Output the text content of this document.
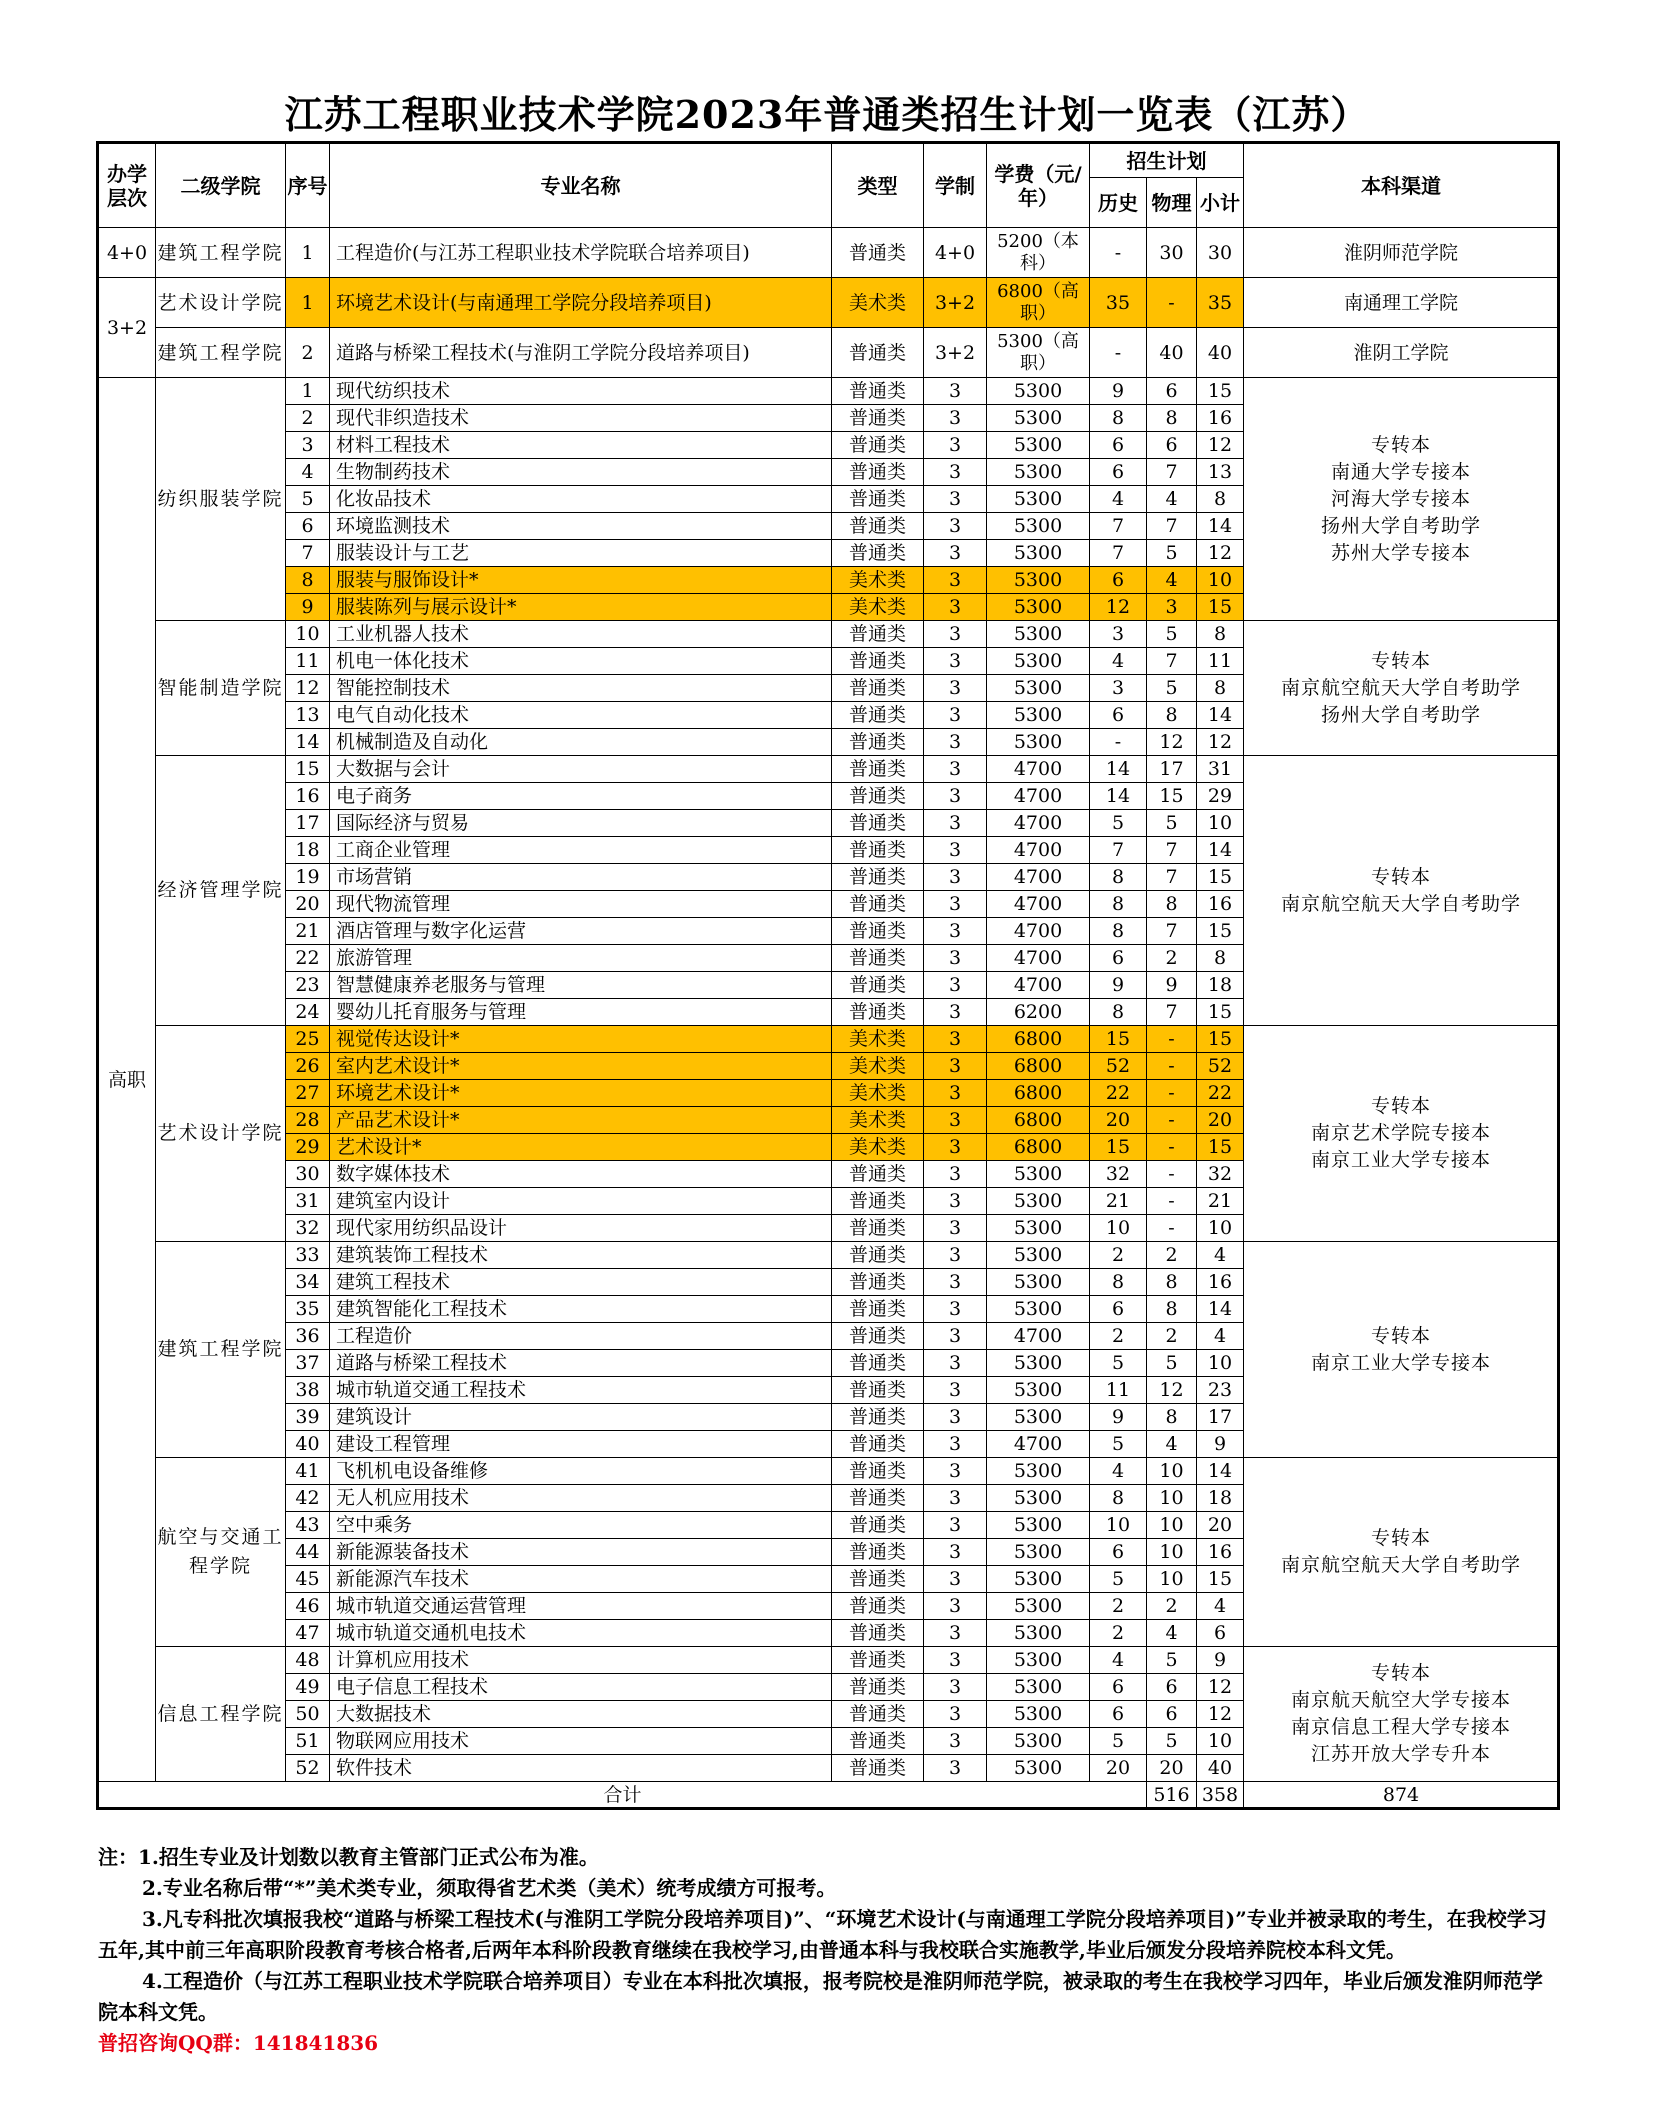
江苏工程职业技术学院2023年普通类招生计划一览表（江苏）
办学层次	二级学院	序号	专业名称	类型	学制	学费（元/年）	招生计划			本科渠道	
							历史	物理	小计		
4+0	建筑工程学院	1	工程造价(与江苏工程职业技术学院联合培养项目)	普通类	4+0	5200（本科）	-	30	30	淮阴师范学院	
3+2	艺术设计学院	1	环境艺术设计(与南通理工学院分段培养项目)	美术类	3+2	6800（高职）	35	-	35	南通理工学院	
	建筑工程学院	2	道路与桥梁工程技术(与淮阴工学院分段培养项目)	普通类	3+2	5300（高职）	-	40	40	淮阴工学院	
高职	纺织服装学院	1	现代纺织技术	普通类	3	5300	9	6	15	专转本
南通大学专接本
河海大学专接本
扬州大学自考助学
苏州大学专接本	
		2	现代非织造技术	普通类	3	5300	8	8	16		
		3	材料工程技术	普通类	3	5300	6	6	12		
		4	生物制药技术	普通类	3	5300	6	7	13		
		5	化妆品技术	普通类	3	5300	4	4	8		
		6	环境监测技术	普通类	3	5300	7	7	14		
		7	服装设计与工艺	普通类	3	5300	7	5	12		
		8	服装与服饰设计*	美术类	3	5300	6	4	10		
		9	服装陈列与展示设计*	美术类	3	5300	12	3	15		
	智能制造学院	10	工业机器人技术	普通类	3	5300	3	5	8	专转本
南京航空航天大学自考助学
扬州大学自考助学	
		11	机电一体化技术	普通类	3	5300	4	7	11		
		12	智能控制技术	普通类	3	5300	3	5	8		
		13	电气自动化技术	普通类	3	5300	6	8	14		
		14	机械制造及自动化	普通类	3	5300	-	12	12		
	经济管理学院	15	大数据与会计	普通类	3	4700	14	17	31	专转本
南京航空航天大学自考助学	
		16	电子商务	普通类	3	4700	14	15	29		
		17	国际经济与贸易	普通类	3	4700	5	5	10		
		18	工商企业管理	普通类	3	4700	7	7	14		
		19	市场营销	普通类	3	4700	8	7	15		
		20	现代物流管理	普通类	3	4700	8	8	16		
		21	酒店管理与数字化运营	普通类	3	4700	8	7	15		
		22	旅游管理	普通类	3	4700	6	2	8		
		23	智慧健康养老服务与管理	普通类	3	4700	9	9	18		
		24	婴幼儿托育服务与管理	普通类	3	6200	8	7	15		
	艺术设计学院	25	视觉传达设计*	美术类	3	6800	15	-	15	专转本
南京艺术学院专接本
南京工业大学专接本	
		26	室内艺术设计*	美术类	3	6800	52	-	52		
		27	环境艺术设计*	美术类	3	6800	22	-	22		
		28	产品艺术设计*	美术类	3	6800	20	-	20		
		29	艺术设计*	美术类	3	6800	15	-	15		
		30	数字媒体技术	普通类	3	5300	32	-	32		
		31	建筑室内设计	普通类	3	5300	21	-	21		
		32	现代家用纺织品设计	普通类	3	5300	10	-	10		
	建筑工程学院	33	建筑装饰工程技术	普通类	3	5300	2	2	4	专转本
南京工业大学专接本	
		34	建筑工程技术	普通类	3	5300	8	8	16		
		35	建筑智能化工程技术	普通类	3	5300	6	8	14		
		36	工程造价	普通类	3	4700	2	2	4		
		37	道路与桥梁工程技术	普通类	3	5300	5	5	10		
		38	城市轨道交通工程技术	普通类	3	5300	11	12	23		
		39	建筑设计	普通类	3	5300	9	8	17		
		40	建设工程管理	普通类	3	4700	5	4	9		
	航空与交通工程学院	41	飞机机电设备维修	普通类	3	5300	4	10	14	专转本
南京航空航天大学自考助学	
		42	无人机应用技术	普通类	3	5300	8	10	18		
		43	空中乘务	普通类	3	5300	10	10	20		
		44	新能源装备技术	普通类	3	5300	6	10	16		
		45	新能源汽车技术	普通类	3	5300	5	10	15		
		46	城市轨道交通运营管理	普通类	3	5300	2	2	4		
		47	城市轨道交通机电技术	普通类	3	5300	2	4	6		
	信息工程学院	48	计算机应用技术	普通类	3	5300	4	5	9	专转本
南京航天航空大学专接本
南京信息工程大学专接本
江苏开放大学专升本	
		49	电子信息工程技术	普通类	3	5300	6	6	12		
		50	大数据技术	普通类	3	5300	6	6	12		
		51	物联网应用技术	普通类	3	5300	5	5	10		
		52	软件技术	普通类	3	5300	20	20	40		
合计								516	358	874	

注：1.招生专业及计划数以教育主管部门正式公布为准。

2.专业名称后带“*”美术类专业，须取得省艺术类（美术）统考成绩方可报考。

3.凡专科批次填报我校“道路与桥梁工程技术(与淮阴工学院分段培养项目)”、“环境艺术设计(与南通理工学院分段培养项目)”专业并被录取的考生，在我校学习五年,其中前三年高职阶段教育考核合格者,后两年本科阶段教育继续在我校学习,由普通本科与我校联合实施教学,毕业后颁发分段培养院校本科文凭。

4.工程造价（与江苏工程职业技术学院联合培养项目）专业在本科批次填报，报考院校是淮阴师范学院，被录取的考生在我校学习四年，毕业后颁发淮阴师范学院本科文凭。

普招咨询QQ群：141841836
